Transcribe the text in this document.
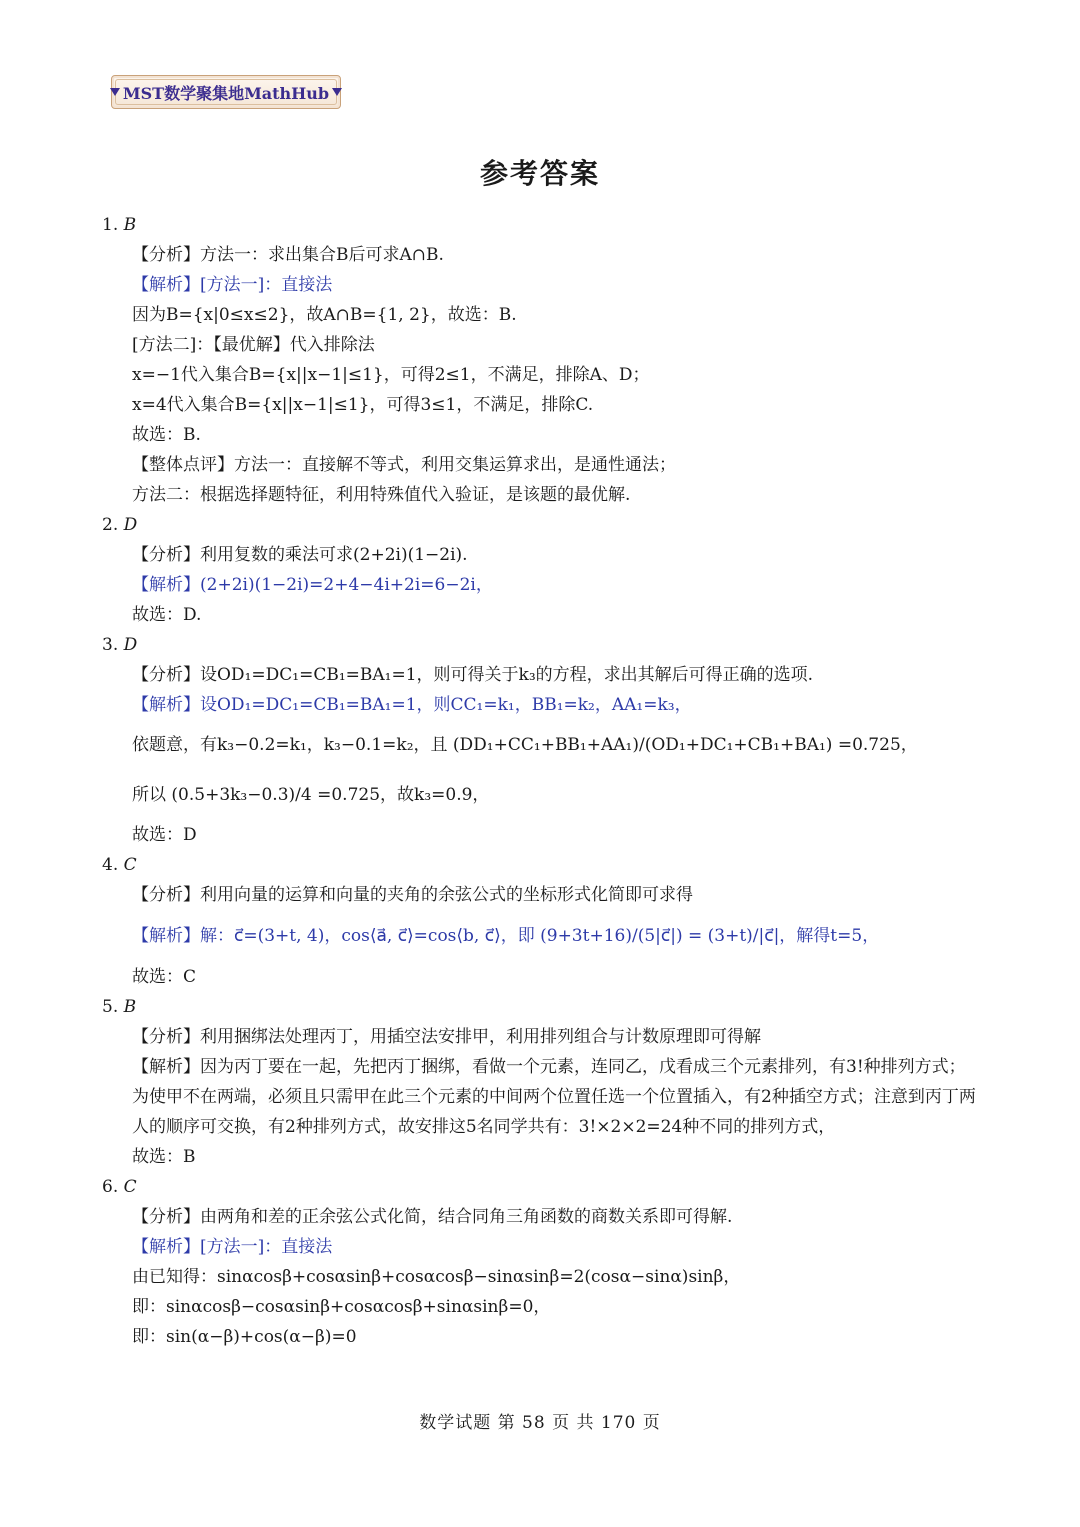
MST数学聚集地MathHub
参考答案
1. B
【分析】方法一：求出集合B后可求A∩B.
【解析】[方法一]：直接法
因为B={x|0≤x≤2}，故A∩B={1, 2}，故选：B.
[方法二]：【最优解】代入排除法
x=−1代入集合B={x||x−1|≤1}，可得2≤1，不满足，排除A、D；
x=4代入集合B={x||x−1|≤1}，可得3≤1，不满足，排除C.
故选：B.
【整体点评】方法一：直接解不等式，利用交集运算求出，是通性通法；
方法二：根据选择题特征，利用特殊值代入验证，是该题的最优解.
2. D
【分析】利用复数的乘法可求(2+2i)(1−2i).
【解析】(2+2i)(1−2i)=2+4−4i+2i=6−2i，
故选：D.
3. D
【分析】设OD₁=DC₁=CB₁=BA₁=1，则可得关于k₃的方程，求出其解后可得正确的选项.
【解析】设OD₁=DC₁=CB₁=BA₁=1，则CC₁=k₁，BB₁=k₂，AA₁=k₃，
依题意，有k₃−0.2=k₁，k₃−0.1=k₂，且 (DD₁+CC₁+BB₁+AA₁)/(OD₁+DC₁+CB₁+BA₁) =0.725，
所以 (0.5+3k₃−0.3)/4 =0.725，故k₃=0.9，
故选：D
4. C
【分析】利用向量的运算和向量的夹角的余弦公式的坐标形式化简即可求得
【解析】解：c⃗=(3+t, 4)，cos⟨a⃗, c⃗⟩=cos⟨b, c⃗⟩，即 (9+3t+16)/(5|c⃗|) = (3+t)/|c⃗|，解得t=5，
故选：C
5. B
【分析】利用捆绑法处理丙丁，用插空法安排甲，利用排列组合与计数原理即可得解
【解析】因为丙丁要在一起，先把丙丁捆绑，看做一个元素，连同乙，戊看成三个元素排列，有3!种排列方式；为使甲不在两端，必须且只需甲在此三个元素的中间两个位置任选一个位置插入，有2种插空方式；注意到丙丁两人的顺序可交换，有2种排列方式，故安排这5名同学共有：3!×2×2=24种不同的排列方式，
故选：B
6. C
【分析】由两角和差的正余弦公式化简，结合同角三角函数的商数关系即可得解.
【解析】[方法一]：直接法
由已知得：sinαcosβ+cosαsinβ+cosαcosβ−sinαsinβ=2(cosα−sinα)sinβ，
即：sinαcosβ−cosαsinβ+cosαcosβ+sinαsinβ=0，
即：sin(α−β)+cos(α−β)=0
数学试题 第 58 页 共 170 页
